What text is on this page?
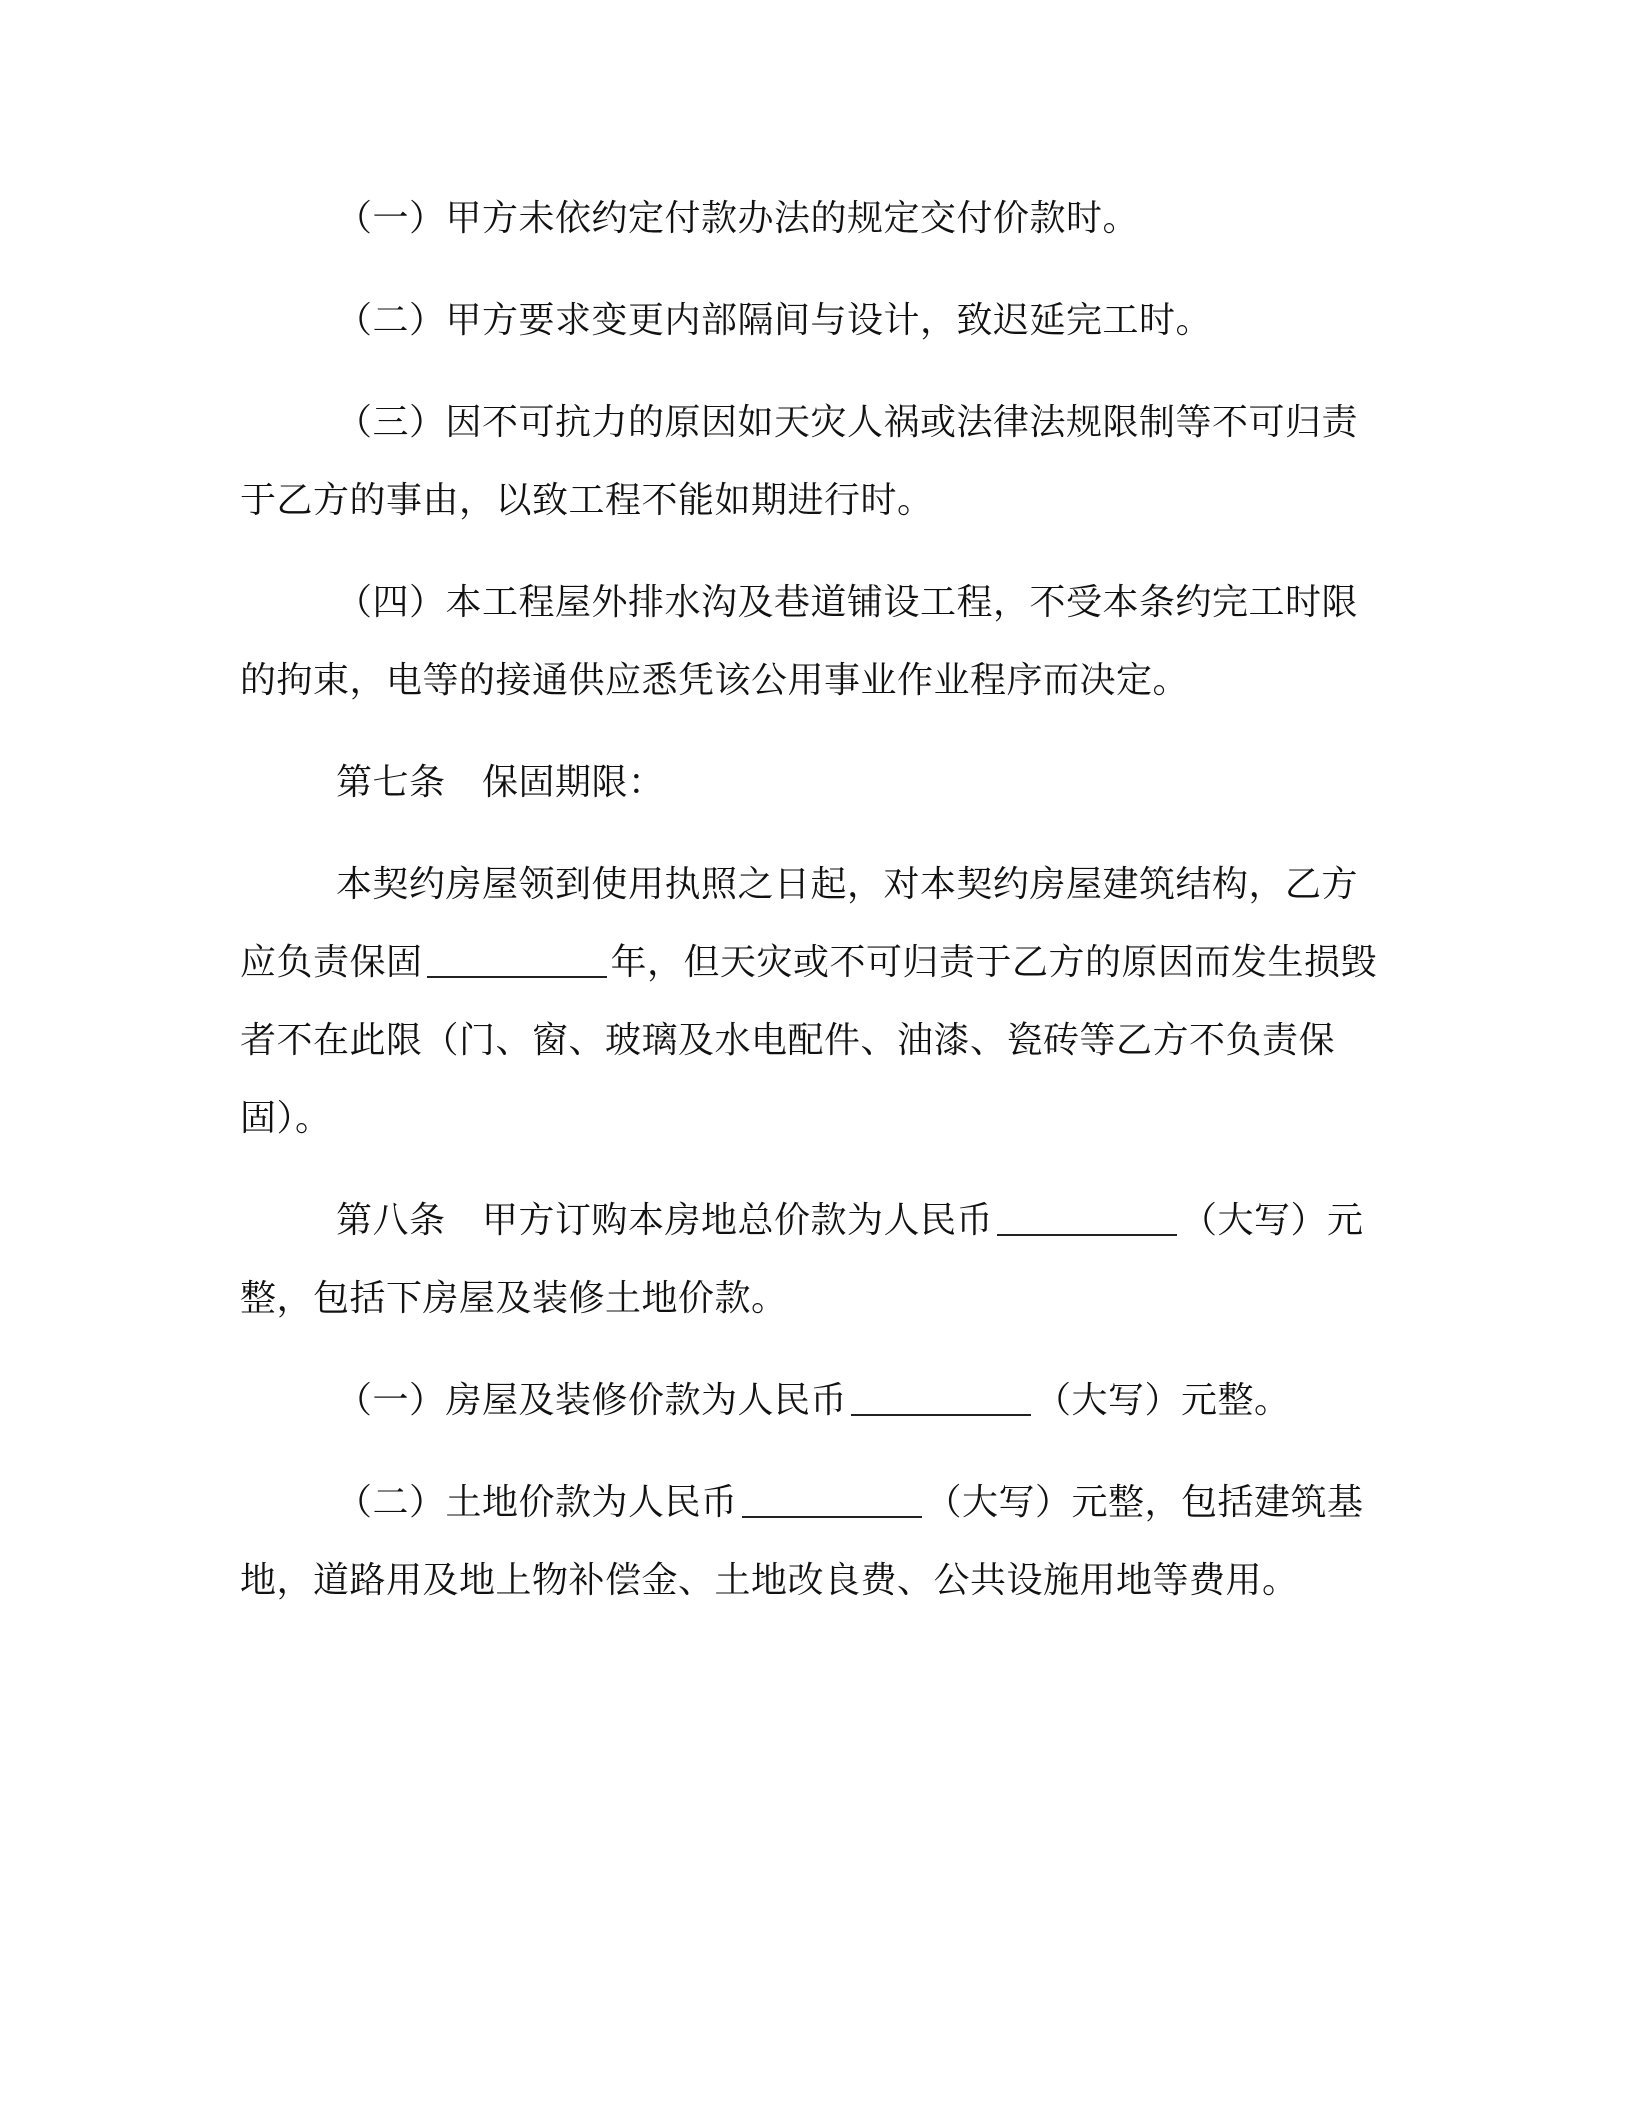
（一）甲方未依约定付款办法的规定交付价款时。
（二）甲方要求变更内部隔间与设计，致迟延完工时。
（三）因不可抗力的原因如天灾人祸或法律法规限制等不可归责于乙方的事由，以致工程不能如期进行时。
（四）本工程屋外排水沟及巷道铺设工程，不受本条约完工时限的拘束，电等的接通供应悉凭该公用事业作业程序而决定。
第七条　保固期限：
本契约房屋领到使用执照之日起，对本契约房屋建筑结构，乙方应负责保固	年，但天灾或不可归责于乙方的原因而发生损毁者不在此限（门、窗、玻璃及水电配件、油漆、瓷砖等乙方不负责保固）。
第八条　甲方订购本房地总价款为人民币	（大写）元整，包括下房屋及装修土地价款。
（一）房屋及装修价款为人民币	（大写）元整。
（二）土地价款为人民币	（大写）元整，包括建筑基地，道路用及地上物补偿金、土地改良费、公共设施用地等费用。
